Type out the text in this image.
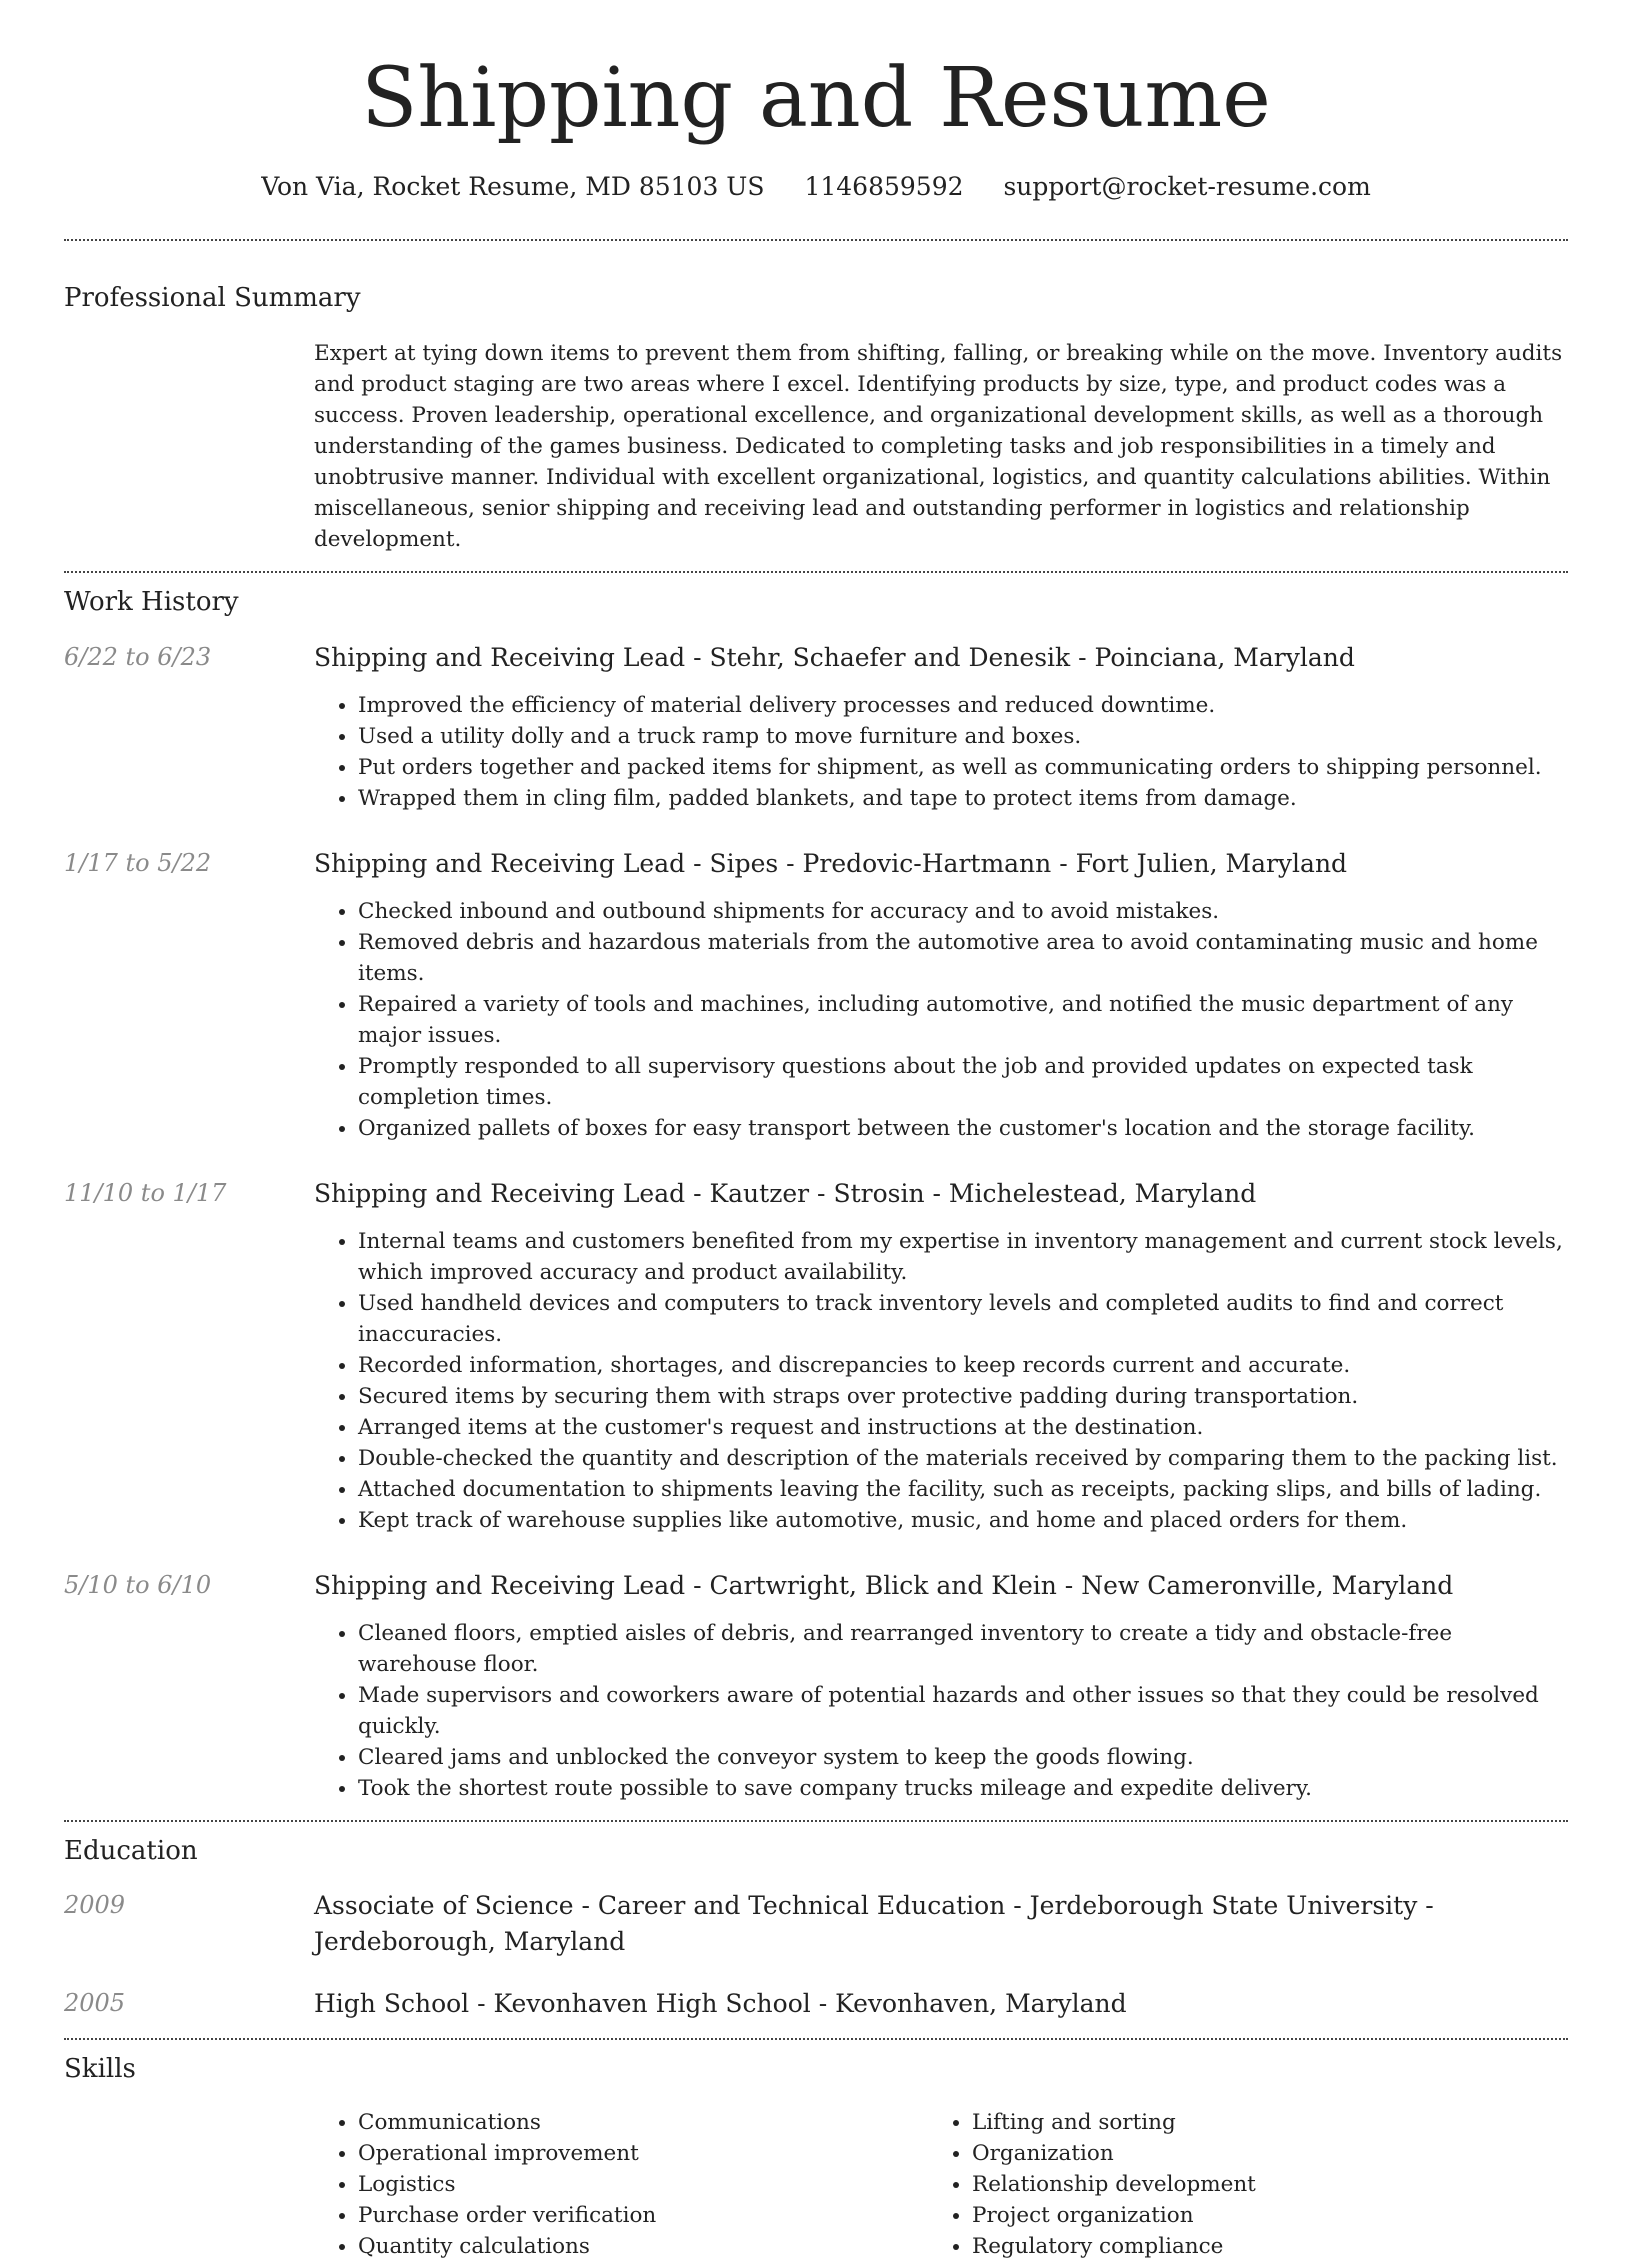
Shipping and Resume
Von Via, Rocket Resume, MD 85103 US 1146859592 support@rocket-resume.com
Professional Summary

Expert at tying down items to prevent them from shifting, falling, or breaking while on the move. Inventory audits and product staging are two areas where I excel. Identifying products by size, type, and product codes was a success. Proven leadership, operational excellence, and organizational development skills, as well as a thorough understanding of the games business. Dedicated to completing tasks and job responsibilities in a timely and unobtrusive manner. Individual with excellent organizational, logistics, and quantity calculations abilities. Within miscellaneous, senior shipping and receiving lead and outstanding performer in logistics and relationship development.

Work History
6/22 to 6/23	Shipping and Receiving Lead - Stehr, Schaefer and Denesik - Poinciana, Maryland
• Improved the efficiency of material delivery processes and reduced downtime.
• Used a utility dolly and a truck ramp to move furniture and boxes.
• Put orders together and packed items for shipment, as well as communicating orders to shipping personnel.
• Wrapped them in cling film, padded blankets, and tape to protect items from damage.
1/17 to 5/22	Shipping and Receiving Lead - Sipes - Predovic-Hartmann - Fort Julien, Maryland
• Checked inbound and outbound shipments for accuracy and to avoid mistakes.
• Removed debris and hazardous materials from the automotive area to avoid contaminating music and home items.
• Repaired a variety of tools and machines, including automotive, and notified the music department of any major issues.
• Promptly responded to all supervisory questions about the job and provided updates on expected task completion times.
• Organized pallets of boxes for easy transport between the customer's location and the storage facility.
11/10 to 1/17	Shipping and Receiving Lead - Kautzer - Strosin - Michelestead, Maryland
• Internal teams and customers benefited from my expertise in inventory management and current stock levels, which improved accuracy and product availability.
• Used handheld devices and computers to track inventory levels and completed audits to find and correct inaccuracies.
• Recorded information, shortages, and discrepancies to keep records current and accurate.
• Secured items by securing them with straps over protective padding during transportation.
• Arranged items at the customer's request and instructions at the destination.
• Double-checked the quantity and description of the materials received by comparing them to the packing list.
• Attached documentation to shipments leaving the facility, such as receipts, packing slips, and bills of lading.
• Kept track of warehouse supplies like automotive, music, and home and placed orders for them.
5/10 to 6/10	Shipping and Receiving Lead - Cartwright, Blick and Klein - New Cameronville, Maryland
• Cleaned floors, emptied aisles of debris, and rearranged inventory to create a tidy and obstacle-free warehouse floor.
• Made supervisors and coworkers aware of potential hazards and other issues so that they could be resolved quickly.
• Cleared jams and unblocked the conveyor system to keep the goods flowing.
• Took the shortest route possible to save company trucks mileage and expedite delivery.
Education
2009	Associate of Science - Career and Technical Education - Jerdeborough State University - Jerdeborough, Maryland
2005	High School - Kevonhaven High School - Kevonhaven, Maryland
Skills
• Communications
• Operational improvement
• Logistics
• Purchase order verification
• Quantity calculations
• Lifting and sorting
• Organization
• Relationship development
• Project organization
• Regulatory compliance
